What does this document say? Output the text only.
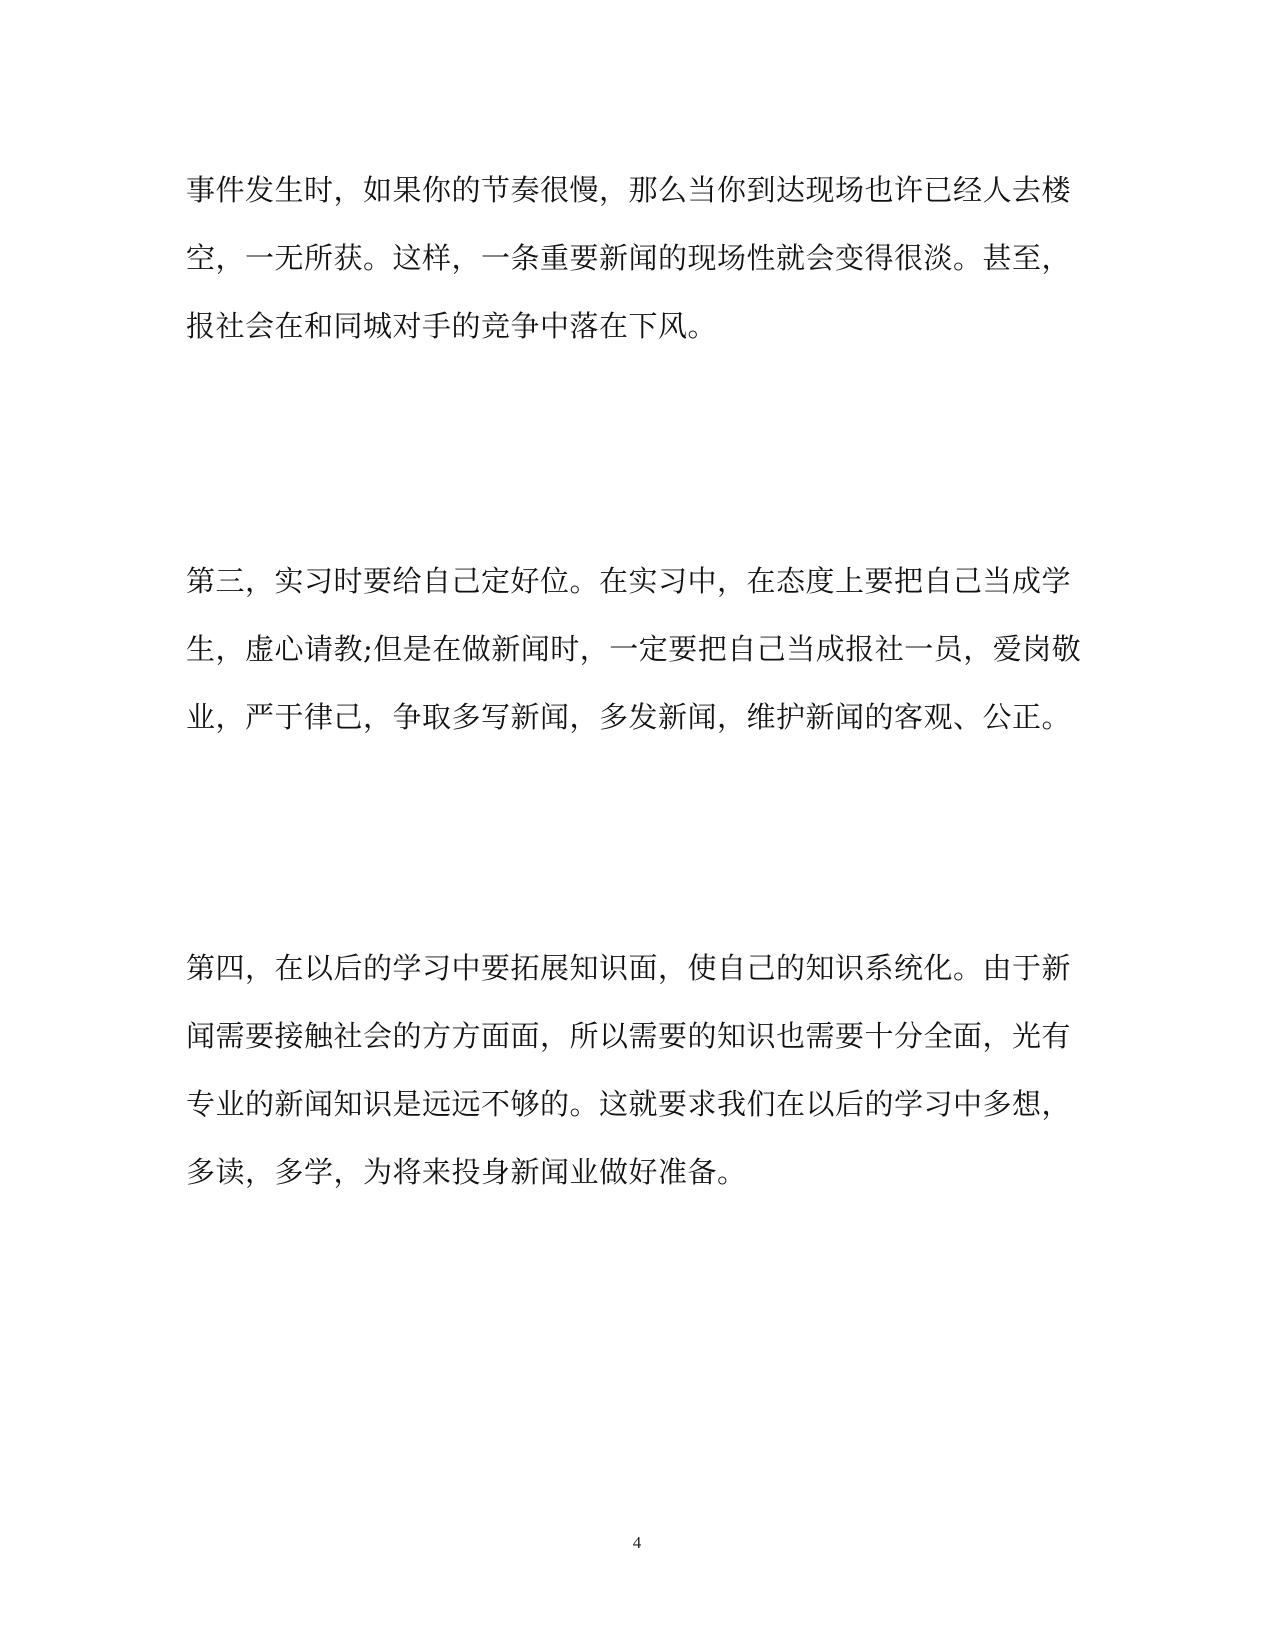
事件发生时，如果你的节奏很慢，那么当你到达现场也许已经人去楼
空，一无所获。这样，一条重要新闻的现场性就会变得很淡。甚至，
报社会在和同城对手的竞争中落在下风。
第三，实习时要给自己定好位。在实习中，在态度上要把自己当成学
生，虚心请教;但是在做新闻时，一定要把自己当成报社一员，爱岗敬
业，严于律己，争取多写新闻，多发新闻，维护新闻的客观、公正。
第四，在以后的学习中要拓展知识面，使自己的知识系统化。由于新
闻需要接触社会的方方面面，所以需要的知识也需要十分全面，光有
专业的新闻知识是远远不够的。这就要求我们在以后的学习中多想，
多读，多学，为将来投身新闻业做好准备。
4
